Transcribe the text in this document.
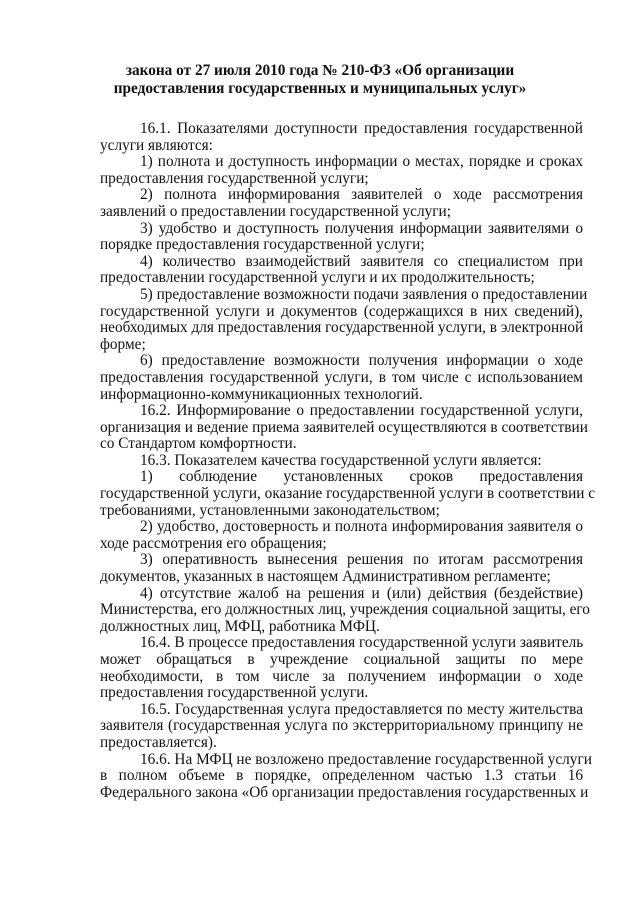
закона от 27 июля 2010 года № 210-ФЗ «Об организации
предоставления государственных и муниципальных услуг»
16.1. Показателями доступности предоставления государственной
услуги являются:
1) полнота и доступность информации о местах, порядке и сроках
предоставления государственной услуги;
2) полнота информирования заявителей о ходе рассмотрения
заявлений о предоставлении государственной услуги;
3) удобство и доступность получения информации заявителями о
порядке предоставления государственной услуги;
4) количество взаимодействий заявителя со специалистом при
предоставлении государственной услуги и их продолжительность;
5) предоставление возможности подачи заявления о предоставлении
государственной услуги и документов (содержащихся в них сведений),
необходимых для предоставления государственной услуги, в электронной
форме;
6) предоставление возможности получения информации о ходе
предоставления государственной услуги, в том числе с использованием
информационно-коммуникационных технологий.
16.2. Информирование о предоставлении государственной услуги,
организация и ведение приема заявителей осуществляются в соответствии
со Стандартом комфортности.
16.3. Показателем качества государственной услуги является:
1) соблюдение установленных сроков предоставления
государственной услуги, оказание государственной услуги в соответствии с
требованиями, установленными законодательством;
2) удобство, достоверность и полнота информирования заявителя о
ходе рассмотрения его обращения;
3) оперативность вынесения решения по итогам рассмотрения
документов, указанных в настоящем Административном регламенте;
4) отсутствие жалоб на решения и (или) действия (бездействие)
Министерства, его должностных лиц, учреждения социальной защиты, его
должностных лиц, МФЦ, работника МФЦ.
16.4. В процессе предоставления государственной услуги заявитель
может обращаться в учреждение социальной защиты по мере
необходимости, в том числе за получением информации о ходе
предоставления государственной услуги.
16.5. Государственная услуга предоставляется по месту жительства
заявителя (государственная услуга по экстерриториальному принципу не
предоставляется).
16.6. На МФЦ не возложено предоставление государственной услуги
в полном объеме в порядке, определенном частью 1.3 статьи 16
Федерального закона «Об организации предоставления государственных и
